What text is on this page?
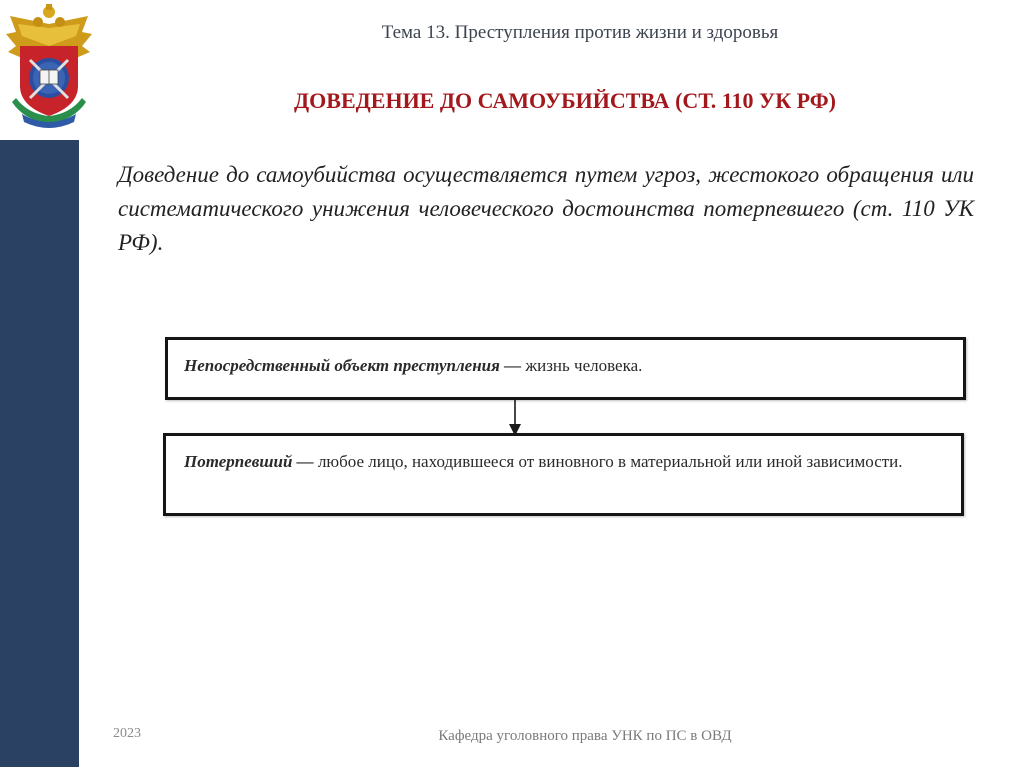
Тема 13. Преступления против жизни и здоровья
ДОВЕДЕНИЕ ДО САМОУБИЙСТВА (СТ. 110 УК РФ)
Доведение до самоубийства осуществляется путем угроз, жестокого обращения или систематического унижения человеческого достоинства потерпевшего (ст. 110 УК РФ).
Непосредственный объект преступления — жизнь человека.
Потерпевший — любое лицо, находившееся от виновного в материальной или иной зависимости.
2023	Кафедра уголовного права УНК по ПС в ОВД
